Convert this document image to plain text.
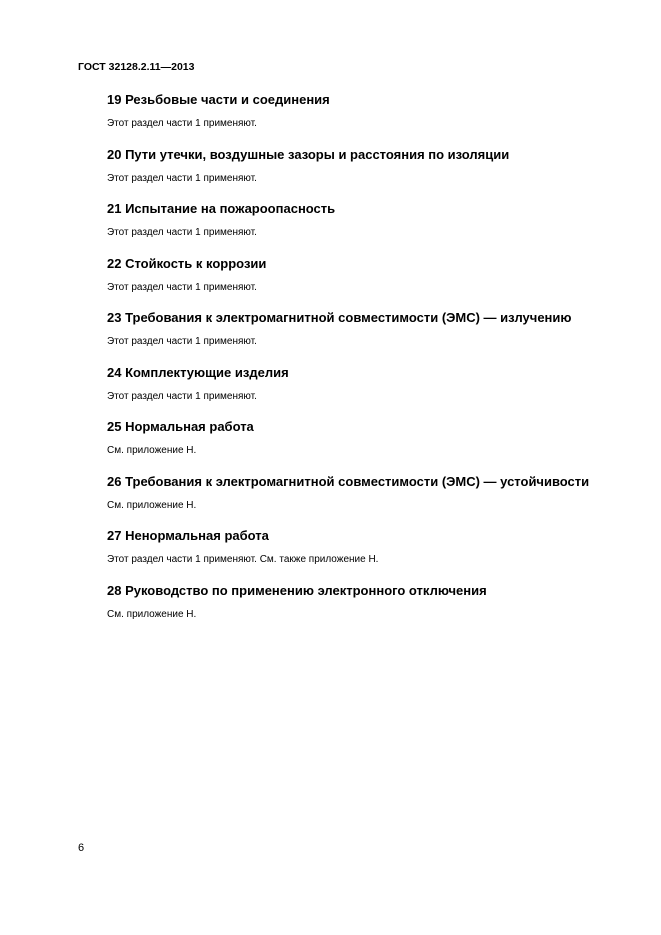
ГОСТ 32128.2.11—2013
19 Резьбовые части и соединения

Этот раздел части 1 применяют.

20 Пути утечки, воздушные зазоры и расстояния по изоляции

Этот раздел части 1 применяют.

21 Испытание на пожароопасность

Этот раздел части 1 применяют.

22 Стойкость к коррозии

Этот раздел части 1 применяют.

23 Требования к электромагнитной совместимости (ЭМС) — излучению

Этот раздел части 1 применяют.

24 Комплектующие изделия

Этот раздел части 1 применяют.

25 Нормальная работа

См. приложение Н.

26 Требования к электромагнитной совместимости (ЭМС) — устойчивости

См. приложение Н.

27 Ненормальная работа

Этот раздел части 1 применяют. См. также приложение Н.

28 Руководство по применению электронного отключения

См. приложение Н.

6
